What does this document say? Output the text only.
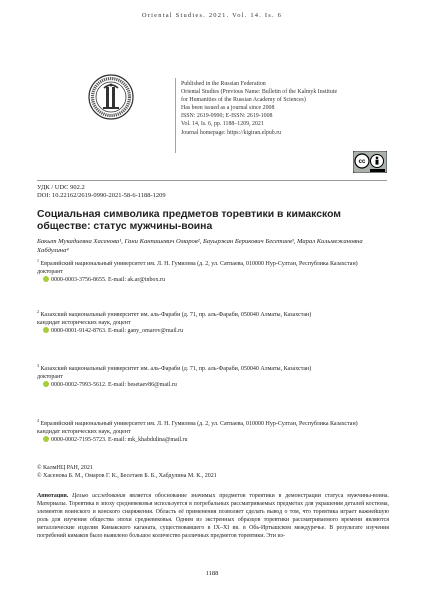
Oriental Studies. 2021. Vol. 14. Is. 6
Published in the Russian Federation
Oriental Studies (Previous Name: Bulletin of the Kalmyk Institute
for Humanities of the Russian Academy of Sciences)
Has been issued as a journal since 2008
ISSN: 2619-0990; E-ISSN: 2619-1008
Vol. 14, Is. 6, pp. 1188–1209, 2021
Journal homepage: https://kigiran.elpub.ru
cc
УДК / UDC 902.2
DOI: 10.22162/2619-0990-2021-58-6-1188-1209
Социальная символика предметов торевтики в кимакском обществе: статус мужчины-воина
Бакыт Мукадиевна Хасенова¹, Гани Канпашевич Омаров², Бауыржан Берикович Бесетаев³, Марал Кильмежановна Хабдулина⁴

$^1$ Евразийский национальный университет им. Л. Н. Гумилева (д. 2, ул. Сатпаева, 010000 Нур-Султан, Республика Казахстан)

докторант

0000-0003-3756-8655. E-mail: ak.ar@inbox.ru

$^2$ Казахский национальный университет им. аль-Фараби (д. 71, пр. аль-Фараби, 050040 Алматы, Казахстан)

кандидат исторических наук, доцент

0000-0001-9142-8763. E-mail: gany_omarov@mail.ru

$^3$ Казахский национальный университет им. аль-Фараби (д. 71, пр. аль-Фараби, 050040 Алматы, Казахстан)

докторант

0000-0002-7993-5612. E-mail: besetaev86@mail.ru

$^4$ Евразийский национальный университет им. Л. Н. Гумилева (д. 2, ул. Сатпаева, 010000 Нур-Султан, Республика Казахстан)

кандидат исторических наук, доцент

0000-0002-7195-5723. E-mail: mk_khabdulina@mail.ru

© КалмНЦ РАН, 2021
© Хасенова Б. М., Омаров Г. К., Бесетаев Б. Б., Хабдулина М. К., 2021
Аннотация. Целью исследования является обоснование значимых предметов торевтики в демонстрации статуса мужчины-воина. Материалы. Торевтика в эпоху средневековья используется в погребальных рассматриваемых предметах для украшения деталей костюма, элементов воинского и конского снаряжения. Область её применения позволяет сделать вывод о том, что торевтика играет важнейшую роль для изучения общества эпохи средневековья. Одним из экстренных образцов торевтики рассматриваемого времени являются металлические изделия Кимакского каганата, существовавшего в IX–XI вв. в Обь-Иртышском междуречье. В результате изучения погребений кимаков было выявлено большое количество различных предметов торевтики. Эти из-
1188
